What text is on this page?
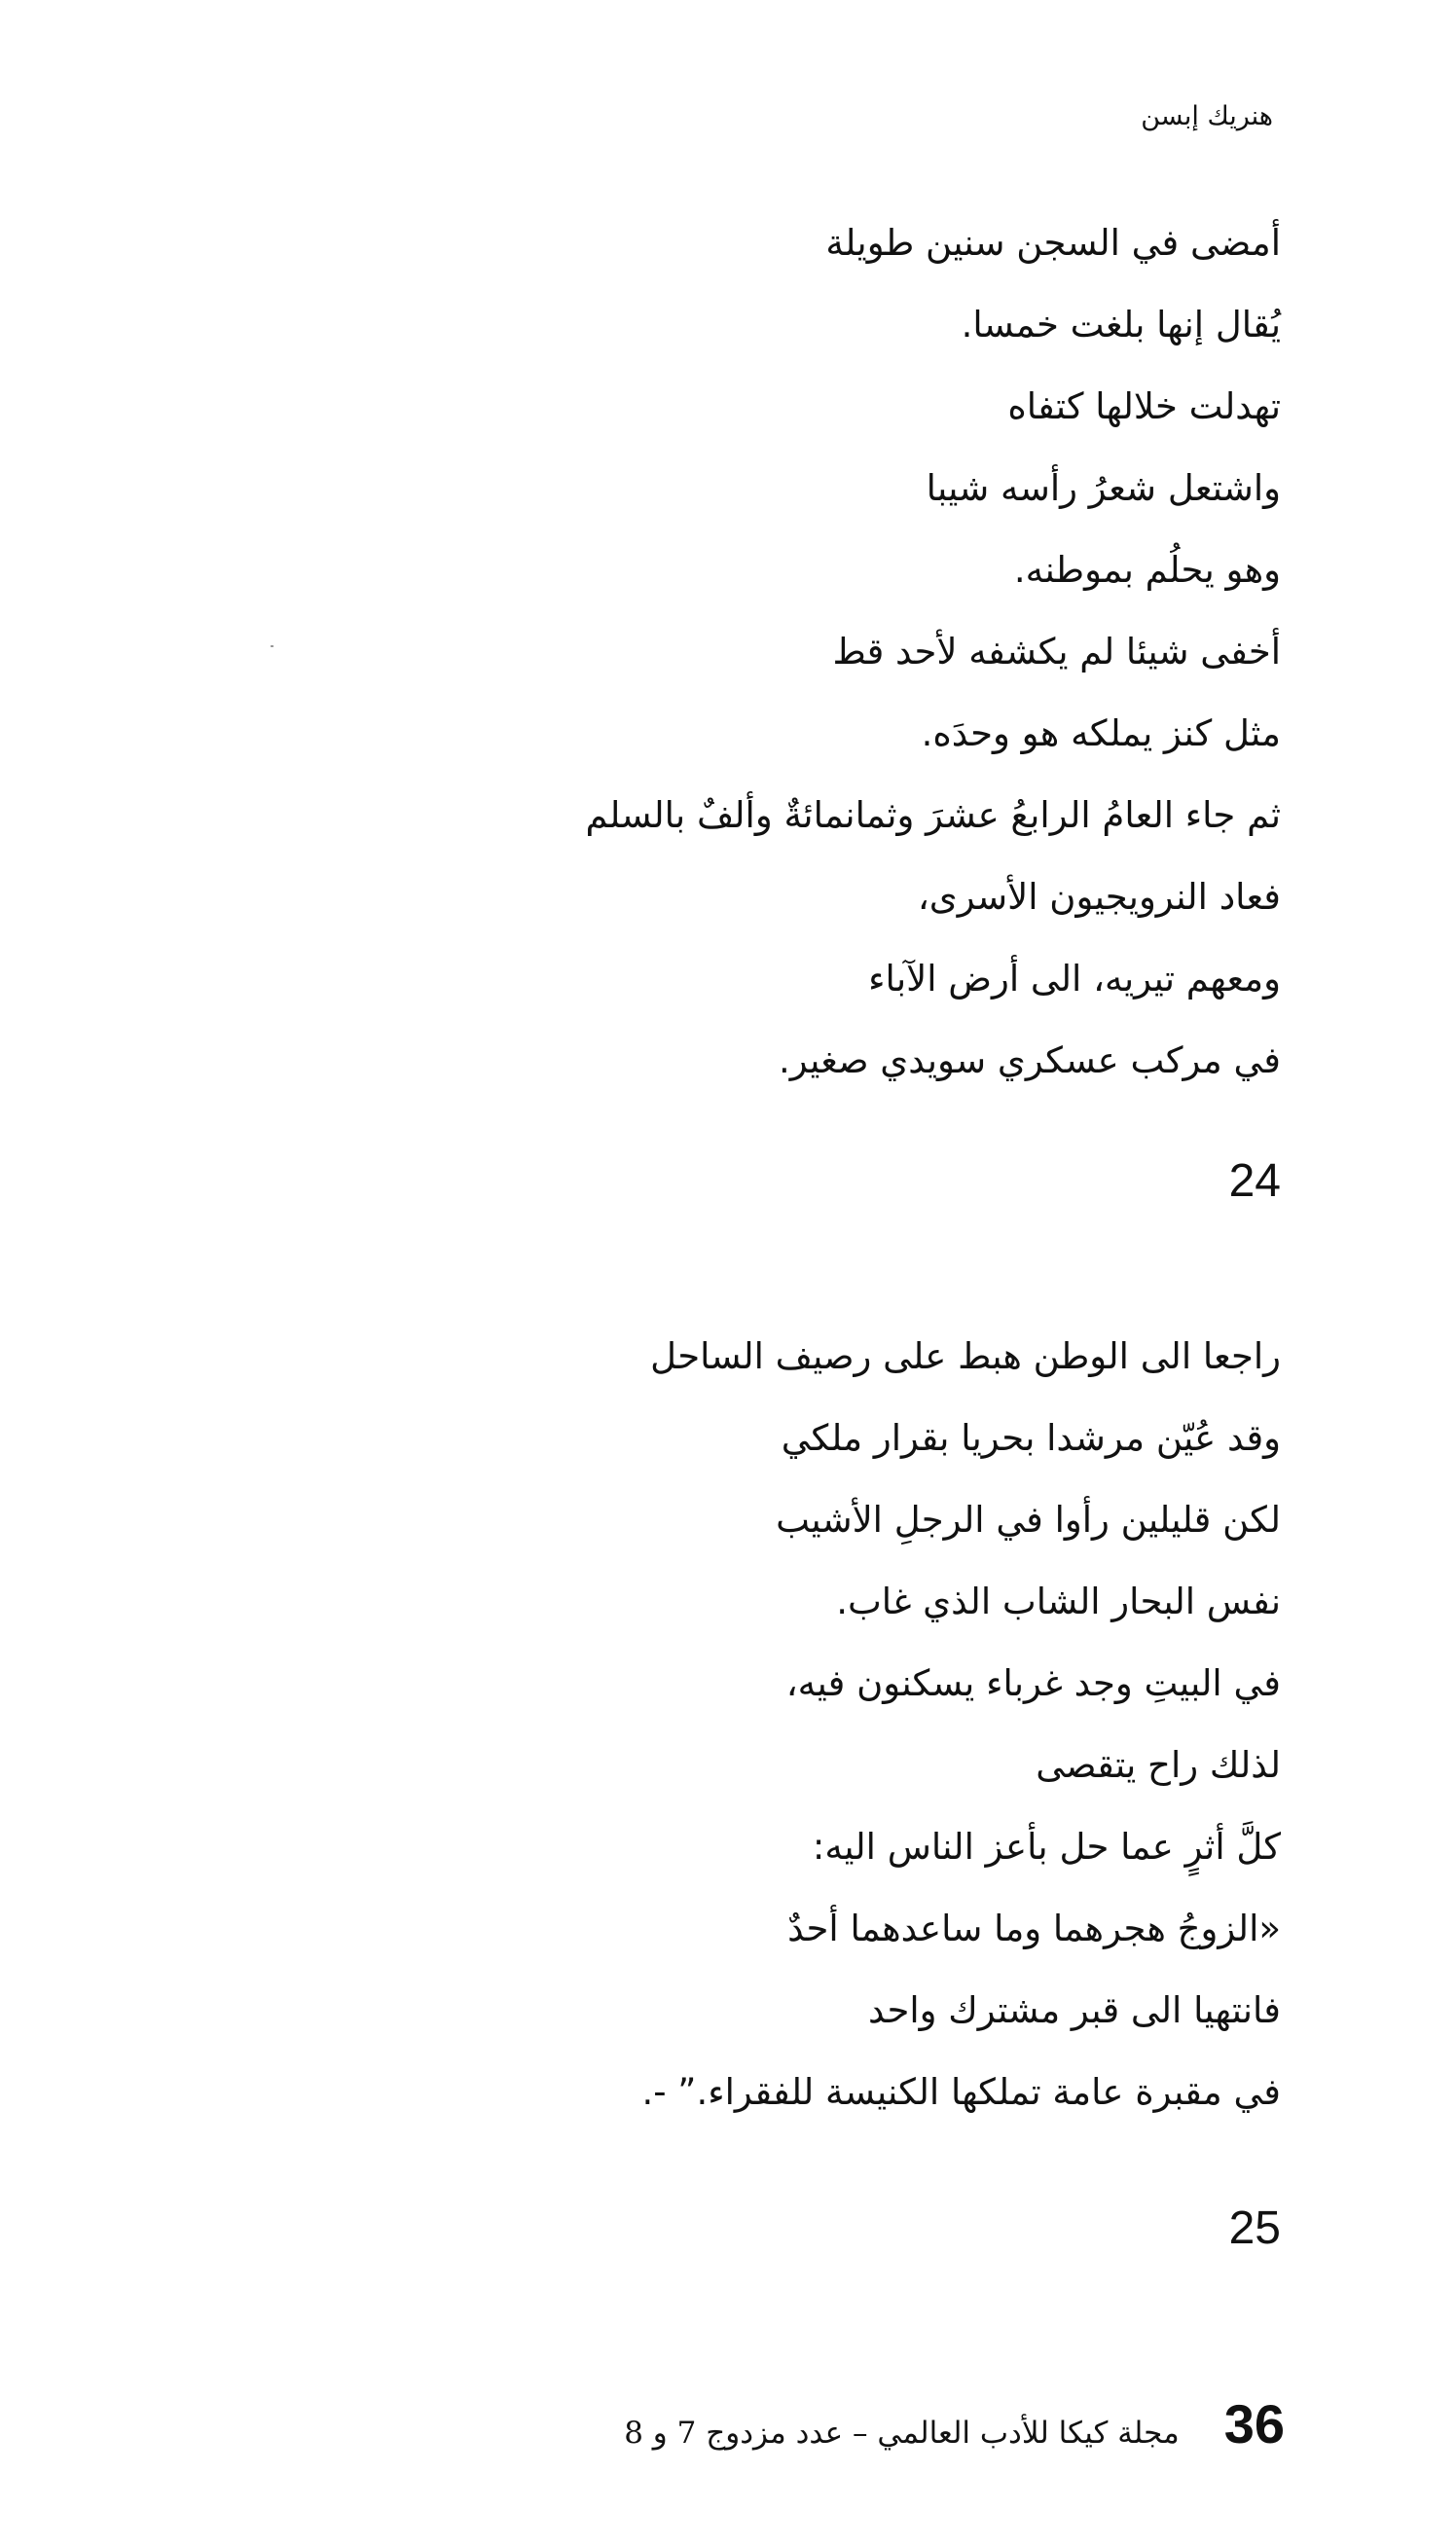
هنريك إبسن
أمضى في السجن سنين طويلة
يُقال إنها بلغت خمسا.
تهدلت خلالها كتفاه
واشتعل شعرُ رأسه شيبا
وهو يحلُم بموطنه.
أخفى شيئا لم يكشفه لأحد قط
مثل كنز يملكه هو وحدَه.
ثم جاء العامُ الرابعُ عشرَ وثمانمائةٌ وألفٌ بالسلم
فعاد النرويجيون الأسرى،
ومعهم تيريه، الى أرض الآباء
في مركب عسكري سويدي صغير.
24
راجعا الى الوطن هبط على رصيف الساحل
وقد عُيّن مرشدا بحريا بقرار ملكي
لكن قليلين رأوا في الرجلِ الأشيب
نفس البحار الشاب الذي غاب.
في البيتِ وجد غرباء يسكنون فيه،
لذلك راح يتقصى
كلَّ أثرٍ عما حل بأعز الناس اليه:
«الزوجُ هجرهما وما ساعدهما أحدٌ
فانتهيا الى قبر مشترك واحد
في مقبرة عامة تملكها الكنيسة للفقراء.” -.
25
36
مجلة كيكا للأدب العالمي – عدد مزدوج 7 و 8
